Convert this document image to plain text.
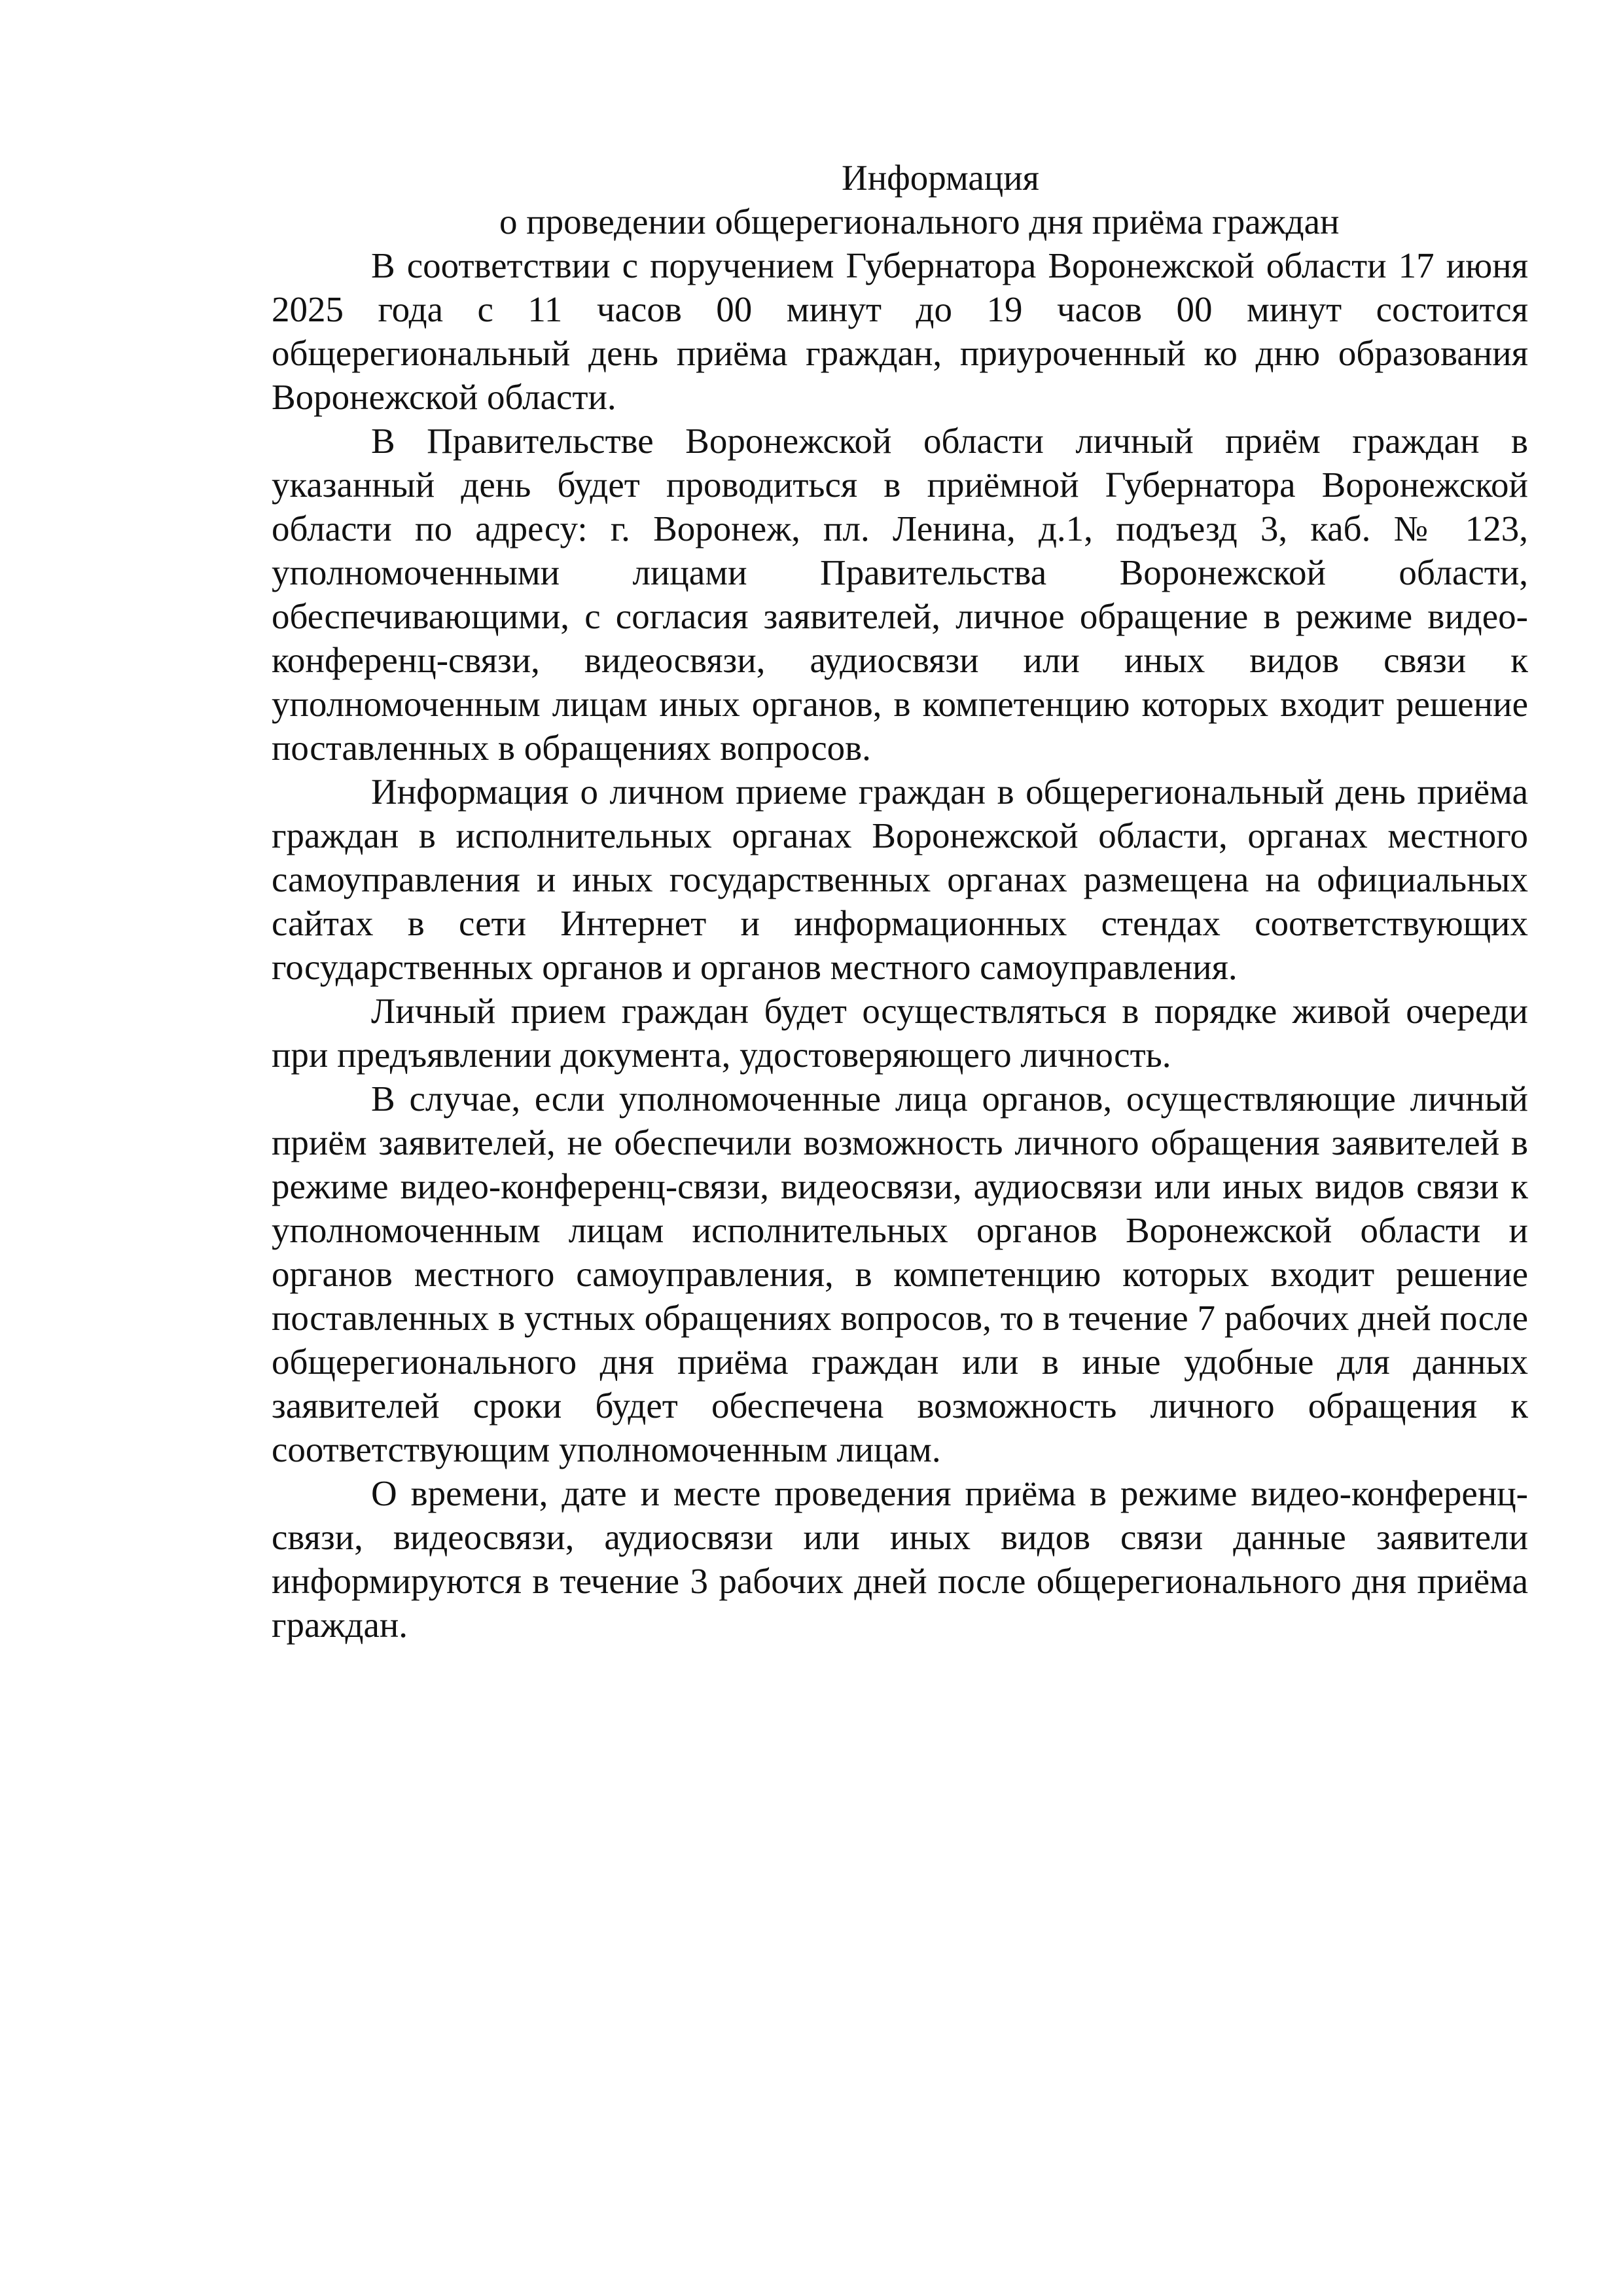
Информация
о проведении общерегионального дня приёма граждан

В соответствии с поручением Губернатора Воронежской области 17 июня 2025 года с 11 часов 00 минут до 19 часов 00 минут состоится общерегиональный день приёма граждан, приуроченный ко дню образования Воронежской области.

В Правительстве Воронежской области личный приём граждан в указанный день будет проводиться в приёмной Губернатора Воронежской области по адресу: г. Воронеж, пл. Ленина, д.1, подъезд 3, каб. № 123, уполномоченными лицами Правительства Воронежской области, обеспечивающими, с согласия заявителей, личное обращение в режиме видео-конференц-связи, видеосвязи, аудиосвязи или иных видов связи к уполномоченным лицам иных органов, в компетенцию которых входит решение поставленных в обращениях вопросов.

Информация о личном приеме граждан в общерегиональный день приёма граждан в исполнительных органах Воронежской области, органах местного самоуправления и иных государственных органах размещена на официальных сайтах в сети Интернет и информационных стендах соответствующих государственных органов и органов местного самоуправления.

Личный прием граждан будет осуществляться в порядке живой очереди при предъявлении документа, удостоверяющего личность.

В случае, если уполномоченные лица органов, осуществляющие личный приём заявителей, не обеспечили возможность личного обращения заявителей в режиме видео-конференц-связи, видеосвязи, аудиосвязи или иных видов связи к уполномоченным лицам исполнительных органов Воронежской области и органов местного самоуправления, в компетенцию которых входит решение поставленных в устных обращениях вопросов, то в течение 7 рабочих дней после общерегионального дня приёма граждан или в иные удобные для данных заявителей сроки будет обеспечена возможность личного обращения к соответствующим уполномоченным лицам.

О времени, дате и месте проведения приёма в режиме видео-конференц-связи, видеосвязи, аудиосвязи или иных видов связи данные заявители информируются в течение 3 рабочих дней после общерегионального дня приёма граждан.
